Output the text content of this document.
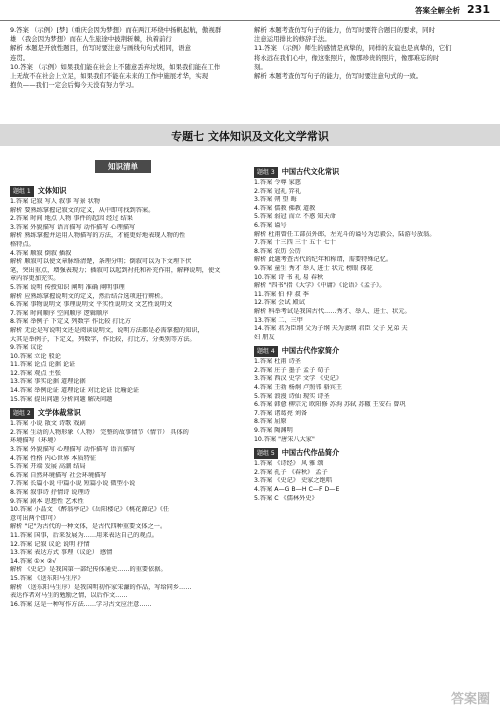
答案全解全析 231
9.答案 （示例）[梦]（重庆会因为梦想）而在两江环绕中扬帆起航，傲视群
雄 （我会因为梦想）而在人生旅途中披荆斩棘，执着前行
解析 本题是开放性题目，仿写时要注意与画线句句式相同，语意
连贯。
10.答案 （示例）如果我们能在社会上不随意丢弃垃圾，如果我们能在工作
上无故不在社会上立足，如果我们不能在未来的工作中施展才华，实现
抱负——我们一定会后悔今天没有努力学习。
解析 本题考查仿写句子的能力，仿写时要符合题目的要求，同时
注意运用排比的修辞手法。
11.答案 （示例）师生的感情是真挚的，同样的友谊也是真挚的，它们
将永远在我们心中，像这张照片，像那珍贵的照片，像那难忘的时
刻。
解析 本题考查仿写句子的能力，仿写时要注意句式的一致。
专题七 文体知识及文化文学常识
知识清单
题组 1 文体知识
1.答案 记叙 写人 叙事 写景 状物
解析 要熟练掌握记叙文的定义，从中即可找到答案。
2.答案 时间 地点 人物 事件的起因 经过 结果
3.答案 外貌描写 语言描写 动作描写 心理描写
解析 熟练掌握并运用人物描写的方法，才能更好地表现人物的性
格特点。
4.答案 顺叙 倒叙 插叙
解析 顺叙可以使文章脉络清楚，条理分明；倒叙可以为下文埋下伏
笔，突出重点，增强表现力；插叙可以起到衬托和补充作用，解释说明，使文
章内容更加充实。
5.答案 说明 传授知识 阐明 准确 阐明事理
解析 应熟练掌握说明文的定义，然后结合选项进行辨析。
6.答案 事物说明文 事理说明文 平实性说明文 文艺性说明文
7.答案 时间顺序 空间顺序 逻辑顺序
8.答案 举例子 下定义 列数字 作比较 打比方
解析 无论是写说明文还是阅读说明文，说明方法都是必需掌握的知识，
大其是举例子，下定义，列数字，作比较，打比方，分类别等方法。
9.答案 议论
10.答案 立论 驳论
11.答案 论点 论据 论证
12.答案 观点 主张
13.答案 事实论据 道理论据
14.答案 举例论证 道理论证 对比论证 比喻论证
15.答案 提出问题 分析问题 解决问题
题组 2 文学体裁常识
1.答案 小说 散文 诗歌 戏剧
2.答案 生动的人物形象（人物） 完整的故事情节（情节） 具体的
环境描写（环境）
3.答案 外貌描写 心理描写 动作描写 语言描写
4.答案 性格 内心世界 本质特征
5.答案 开端 发展 高潮 结局
6.答案 自然环境描写 社会环境描写
7.答案 长篇小说 中篇小说 短篇小说 微型小说
8.答案 叙事诗 抒情诗 说理诗
9.答案 剧本 思想性 艺术性
10.答案 小品文 《醉翁亭记》《岳阳楼记》《桃花源记》《任
意可出两个即可）
解析 "记"为古代的一种文体，是古代四种重要文体之一。
11.答案 国事，后来发展为……用来表达自己的观点。
12.答案 记叙 议论 说明 抒情
13.答案 表达方式 事理（议论） 感情
14.答案 ①× ②√
解析 《史记》是我国第一部纪传体通史……的重要依据。
15.答案 《送东阳马生序》
解析 （送东阳马生序）是我国明初作家宋濂的作品，写给同乡……
表达作者对马生的勉励之情，以后作文……
16.答案 这是一种写作方法……学习古文应注意……
题组 3 中国古代文化常识
1.答案 令尊 家慈
2.答案 冠礼 笄礼
3.答案 朔 望 晦
4.答案 儒教 佛教 道教
5.答案 弱冠 而立 不惑 知天命
6.答案 谥号
解析 杜甫曾任工部员外郎，左光斗的谥号为忠毅公，陆游号放翁。
7.答案 十三四 三十 五十 七十
8.答案 农历 公历
解析 此题考查古代的纪年和称谓，需要特殊记忆。
9.答案 童生 秀才 举人 进士 状元 榜眼 探花
10.答案 诗 书 礼 易 春秋
解析 "四书"指《大学》《中庸》《论语》《孟子》。
11.答案 伯 仲 叔 季
12.答案 会试 殿试
解析 科举考试是我国古代……秀才、举人、进士、状元。
13.答案 二、三甲
14.答案 君为臣纲 父为子纲 夫为妻纲 君臣 父子 兄弟 夫
妇 朋友
题组 4 中国古代作家简介
1.答案 杜甫 诗圣
2.答案 庄子 墨子 孟子 荀子
3.答案 西汉 史学 文学 《史记》
4.答案 王勃 杨炯 卢照邻 骆宾王
5.答案 浪漫 诗仙 现实 诗圣
6.答案 韩愈 柳宗元 欧阳修 苏洵 苏轼 苏辙 王安石 曾巩
7.答案 诸葛亮 刘备
8.答案 屈原
9.答案 陶渊明
10.答案 "唐宋八大家"
题组 5 中国古代作品简介
1.答案 《诗经》 风 雅 颂
2.答案 孔子 《春秋》 孟子
3.答案 《史记》 史家之绝唱
4.答案 A—G B—H C—F D—E
5.答案 C 《儒林外史》
答案圈
